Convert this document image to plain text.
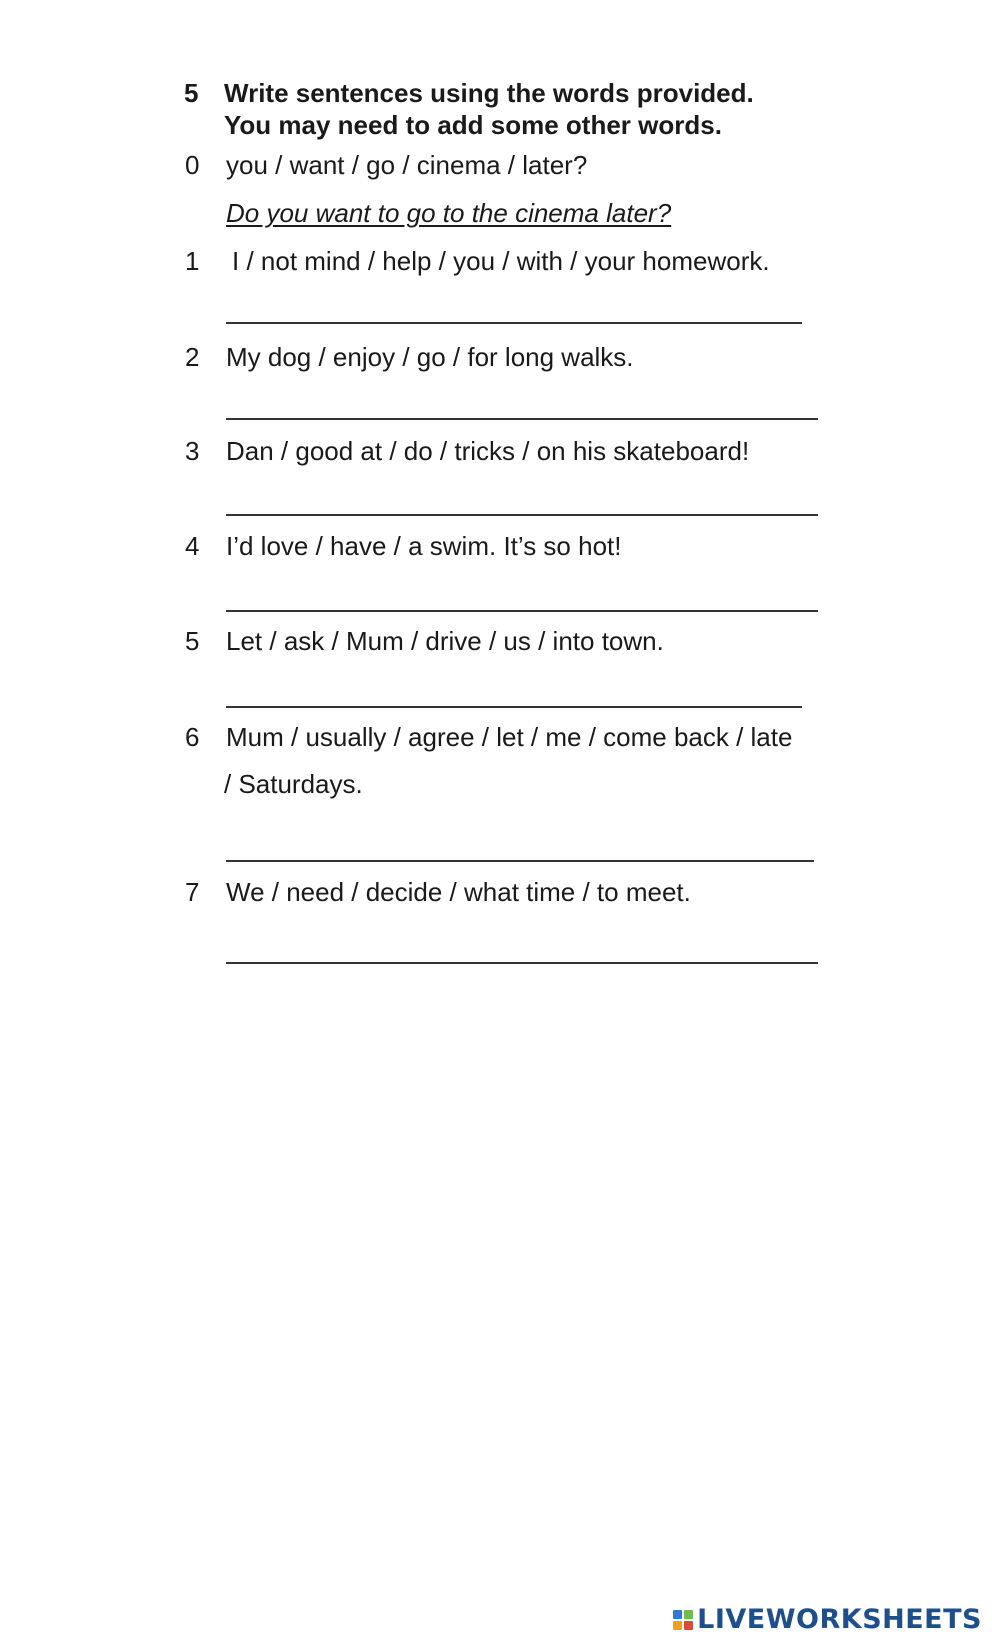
5 Write sentences using the words provided.
You may need to add some other words.
0 you / want / go / cinema / later?
Do you want to go to the cinema later?
1 I / not mind / help / you / with / your homework.
2 My dog / enjoy / go / for long walks.
3 Dan / good at / do / tricks / on his skateboard!
4 I’d love / have / a swim. It’s so hot!
5 Let / ask / Mum / drive / us / into town.
6 Mum / usually / agree / let / me / come back / late
/ Saturdays.
7 We / need / decide / what time / to meet.
LIVEWORKSHEETS
